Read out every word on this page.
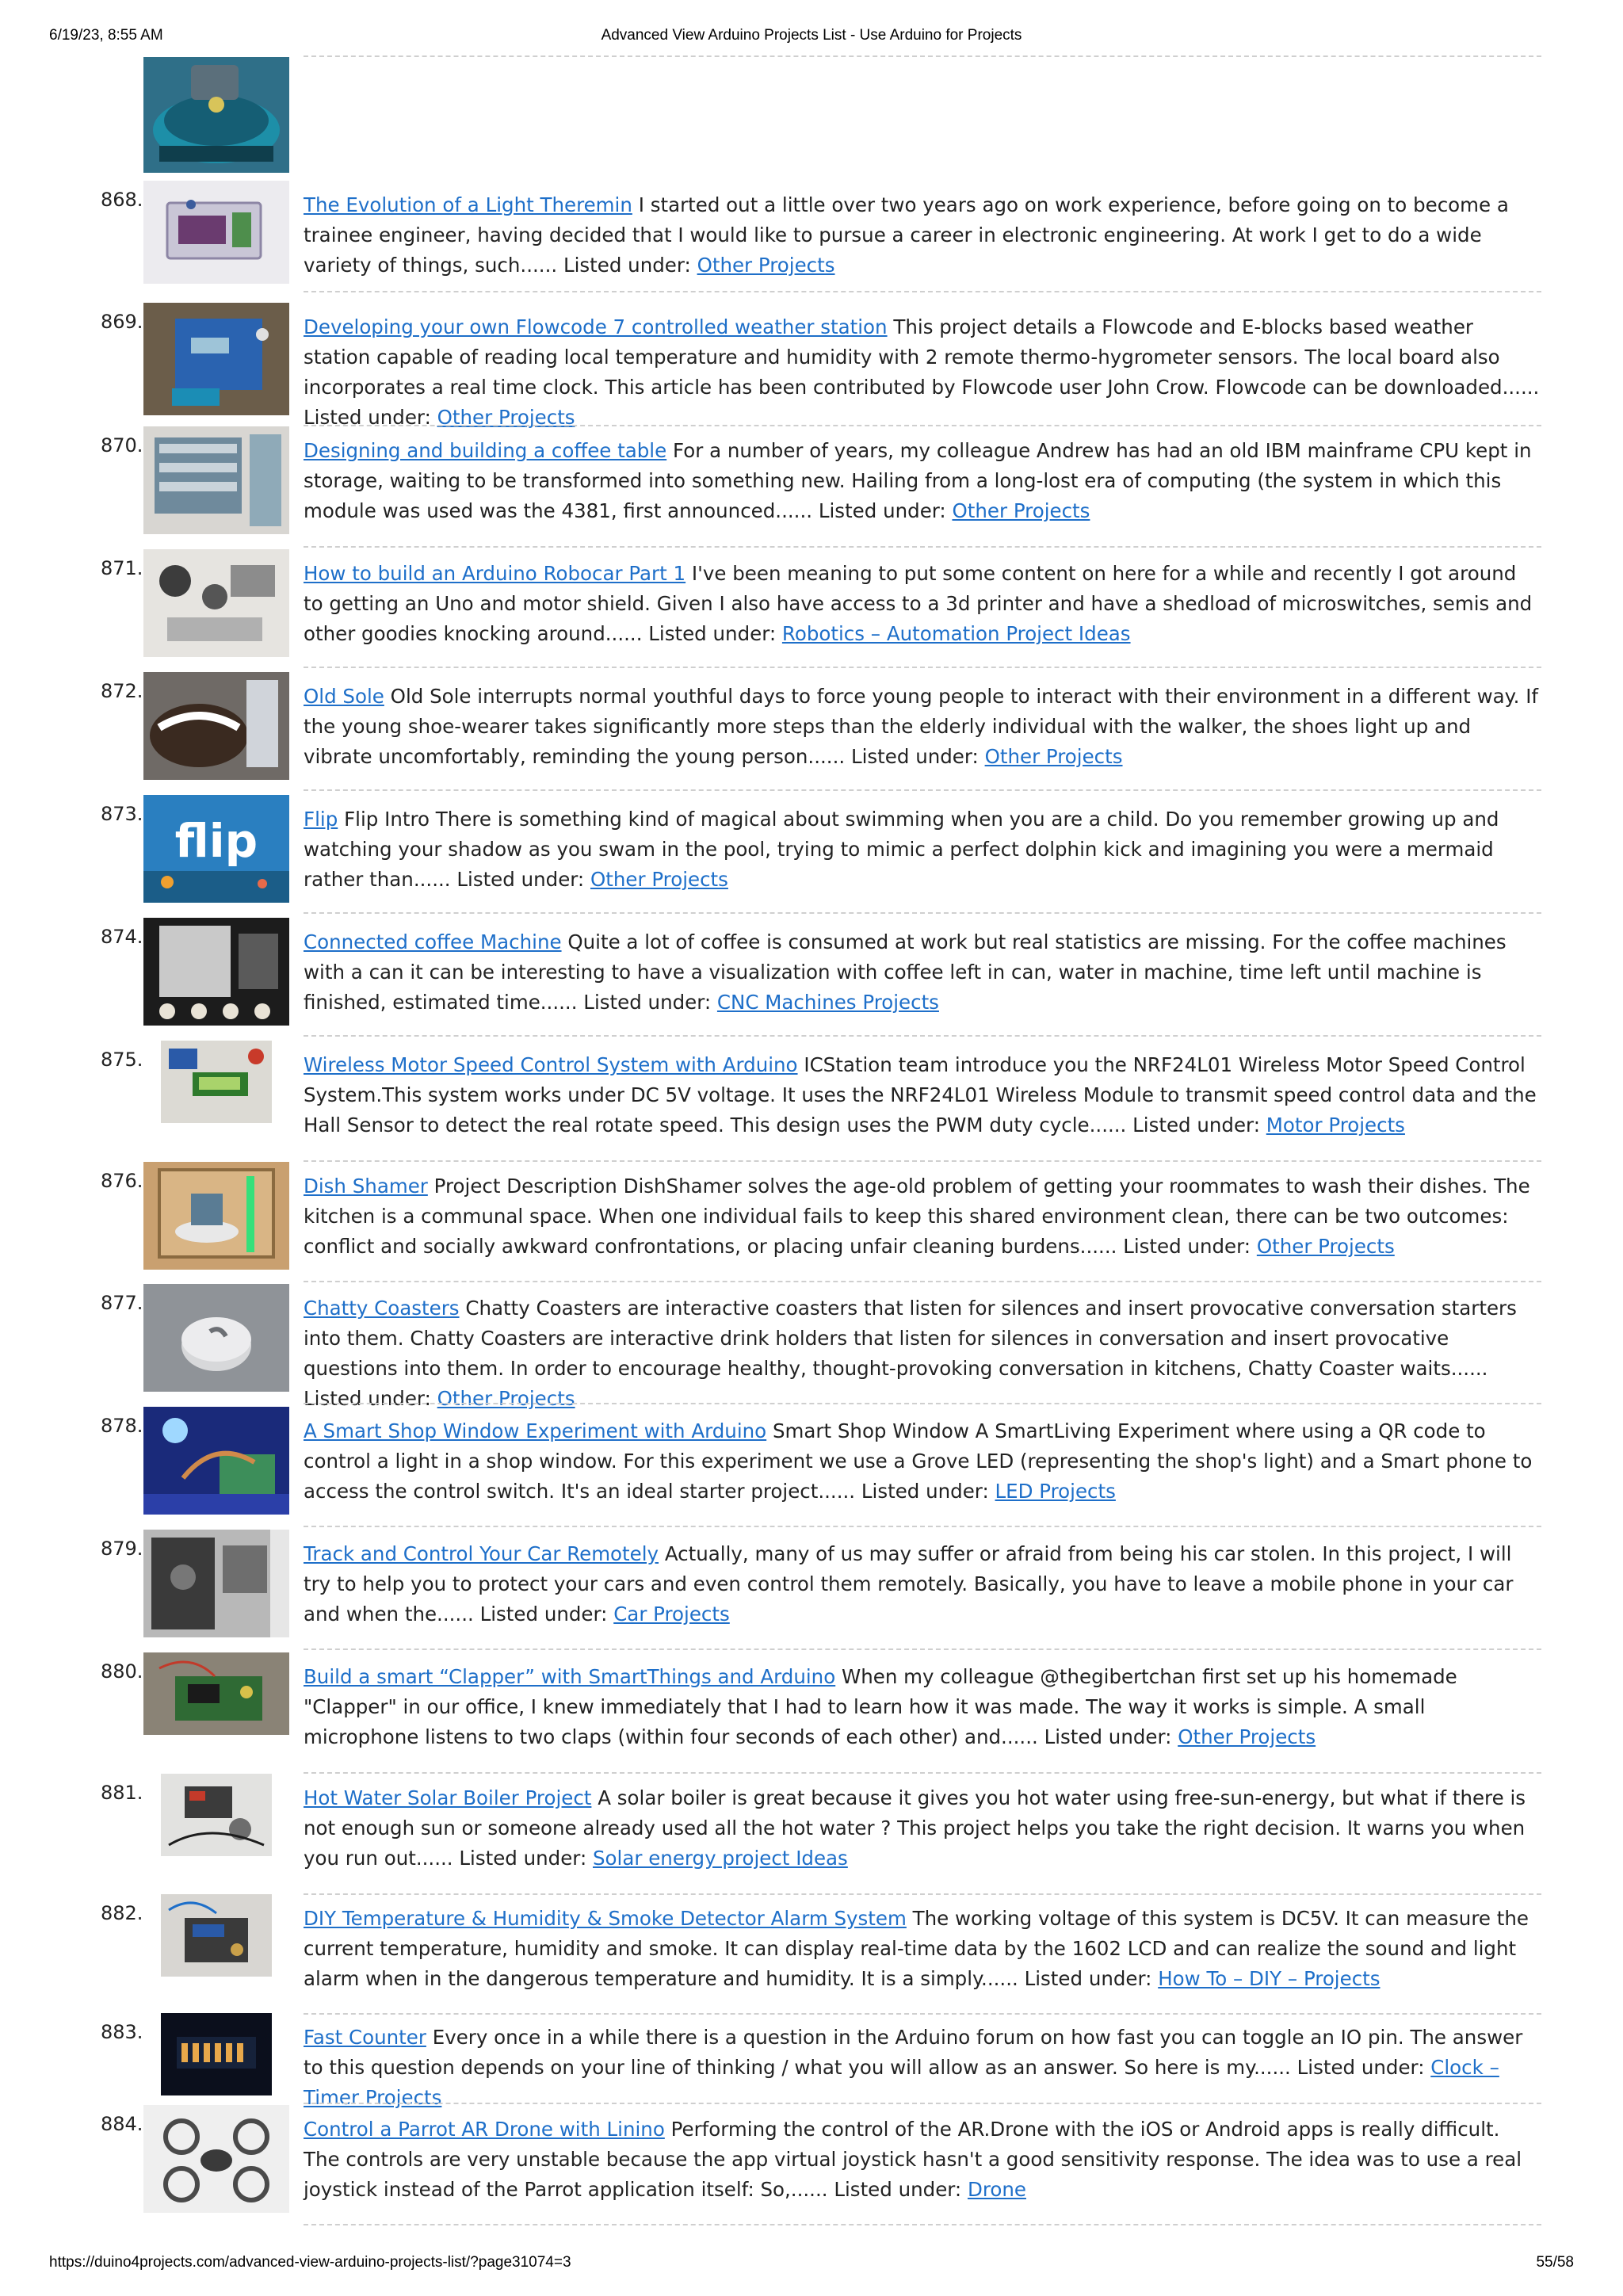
6/19/23, 8:55 AM	Advanced View Arduino Projects List - Use Arduino for Projects
868.	The Evolution of a Light Theremin I started out a little over two years ago on work experience, before going on to become a trainee engineer, having decided that I would like to pursue a career in electronic engineering. At work I get to do a wide variety of things, such...... Listed under: Other Projects
869.	Developing your own Flowcode 7 controlled weather station This project details a Flowcode and E-blocks based weather station capable of reading local temperature and humidity with 2 remote thermo-hygrometer sensors. The local board also incorporates a real time clock. This article has been contributed by Flowcode user John Crow. Flowcode can be downloaded...... Listed under: Other Projects
870.	Designing and building a coffee table For a number of years, my colleague Andrew has had an old IBM mainframe CPU kept in storage, waiting to be transformed into something new. Hailing from a long-lost era of computing (the system in which this module was used was the 4381, first announced...... Listed under: Other Projects
871.	How to build an Arduino Robocar Part 1 I've been meaning to put some content on here for a while and recently I got around to getting an Uno and motor shield. Given I also have access to a 3d printer and have a shedload of microswitches, semis and other goodies knocking around...... Listed under: Robotics – Automation Project Ideas
872.	Old Sole Old Sole interrupts normal youthful days to force young people to interact with their environment in a different way. If the young shoe-wearer takes significantly more steps than the elderly individual with the walker, the shoes light up and vibrate uncomfortably, reminding the young person...... Listed under: Other Projects
873. flip Flip Flip Intro There is something kind of magical about swimming when you are a child. Do you remember growing up and watching your shadow as you swam in the pool, trying to mimic a perfect dolphin kick and imagining you were a mermaid rather than...... Listed under: Other Projects
874.	Connected coffee Machine Quite a lot of coffee is consumed at work but real statistics are missing. For the coffee machines with a can it can be interesting to have a visualization with coffee left in can, water in machine, time left until machine is finished, estimated time...... Listed under: CNC Machines Projects
875.	Wireless Motor Speed Control System with Arduino ICStation team introduce you the NRF24L01 Wireless Motor Speed Control System.This system works under DC 5V voltage. It uses the NRF24L01 Wireless Module to transmit speed control data and the Hall Sensor to detect the real rotate speed. This design uses the PWM duty cycle...... Listed under: Motor Projects
876.	Dish Shamer Project Description DishShamer solves the age-old problem of getting your roommates to wash their dishes. The kitchen is a communal space. When one individual fails to keep this shared environment clean, there can be two outcomes: conflict and socially awkward confrontations, or placing unfair cleaning burdens...... Listed under: Other Projects
877.	Chatty Coasters Chatty Coasters are interactive coasters that listen for silences and insert provocative conversation starters into them. Chatty Coasters are interactive drink holders that listen for silences in conversation and insert provocative questions into them. In order to encourage healthy, thought-provoking conversation in kitchens, Chatty Coaster waits...... Listed under: Other Projects
878.	A Smart Shop Window Experiment with Arduino Smart Shop Window A SmartLiving Experiment where using a QR code to control a light in a shop window. For this experiment we use a Grove LED (representing the shop's light) and a Smart phone to access the control switch. It's an ideal starter project...... Listed under: LED Projects
879.	Track and Control Your Car Remotely Actually, many of us may suffer or afraid from being his car stolen. In this project, I will try to help you to protect your cars and even control them remotely. Basically, you have to leave a mobile phone in your car and when the...... Listed under: Car Projects
880.	Build a smart “Clapper” with SmartThings and Arduino When my colleague @thegibertchan first set up his homemade "Clapper" in our office, I knew immediately that I had to learn how it was made. The way it works is simple. A small microphone listens to two claps (within four seconds of each other) and...... Listed under: Other Projects
881.	Hot Water Solar Boiler Project A solar boiler is great because it gives you hot water using free-sun-energy, but what if there is not enough sun or someone already used all the hot water ? This project helps you take the right decision. It warns you when you run out...... Listed under: Solar energy project Ideas
882.	DIY Temperature & Humidity & Smoke Detector Alarm System The working voltage of this system is DC5V. It can measure the current temperature, humidity and smoke. It can display real-time data by the 1602 LCD and can realize the sound and light alarm when in the dangerous temperature and humidity. It is a simply...... Listed under: How To – DIY – Projects
883.	Fast Counter Every once in a while there is a question in the Arduino forum on how fast you can toggle an IO pin. The answer to this question depends on your line of thinking / what you will allow as an answer. So here is my...... Listed under: Clock – Timer Projects
884.	Control a Parrot AR Drone with Linino Performing the control of the AR.Drone with the iOS or Android apps is really difficult. The controls are very unstable because the app virtual joystick hasn't a good sensitivity response. The idea was to use a real joystick instead of the Parrot application itself: So,...... Listed under: Drone
https://duino4projects.com/advanced-view-arduino-projects-list/?page31074=3	55/58
